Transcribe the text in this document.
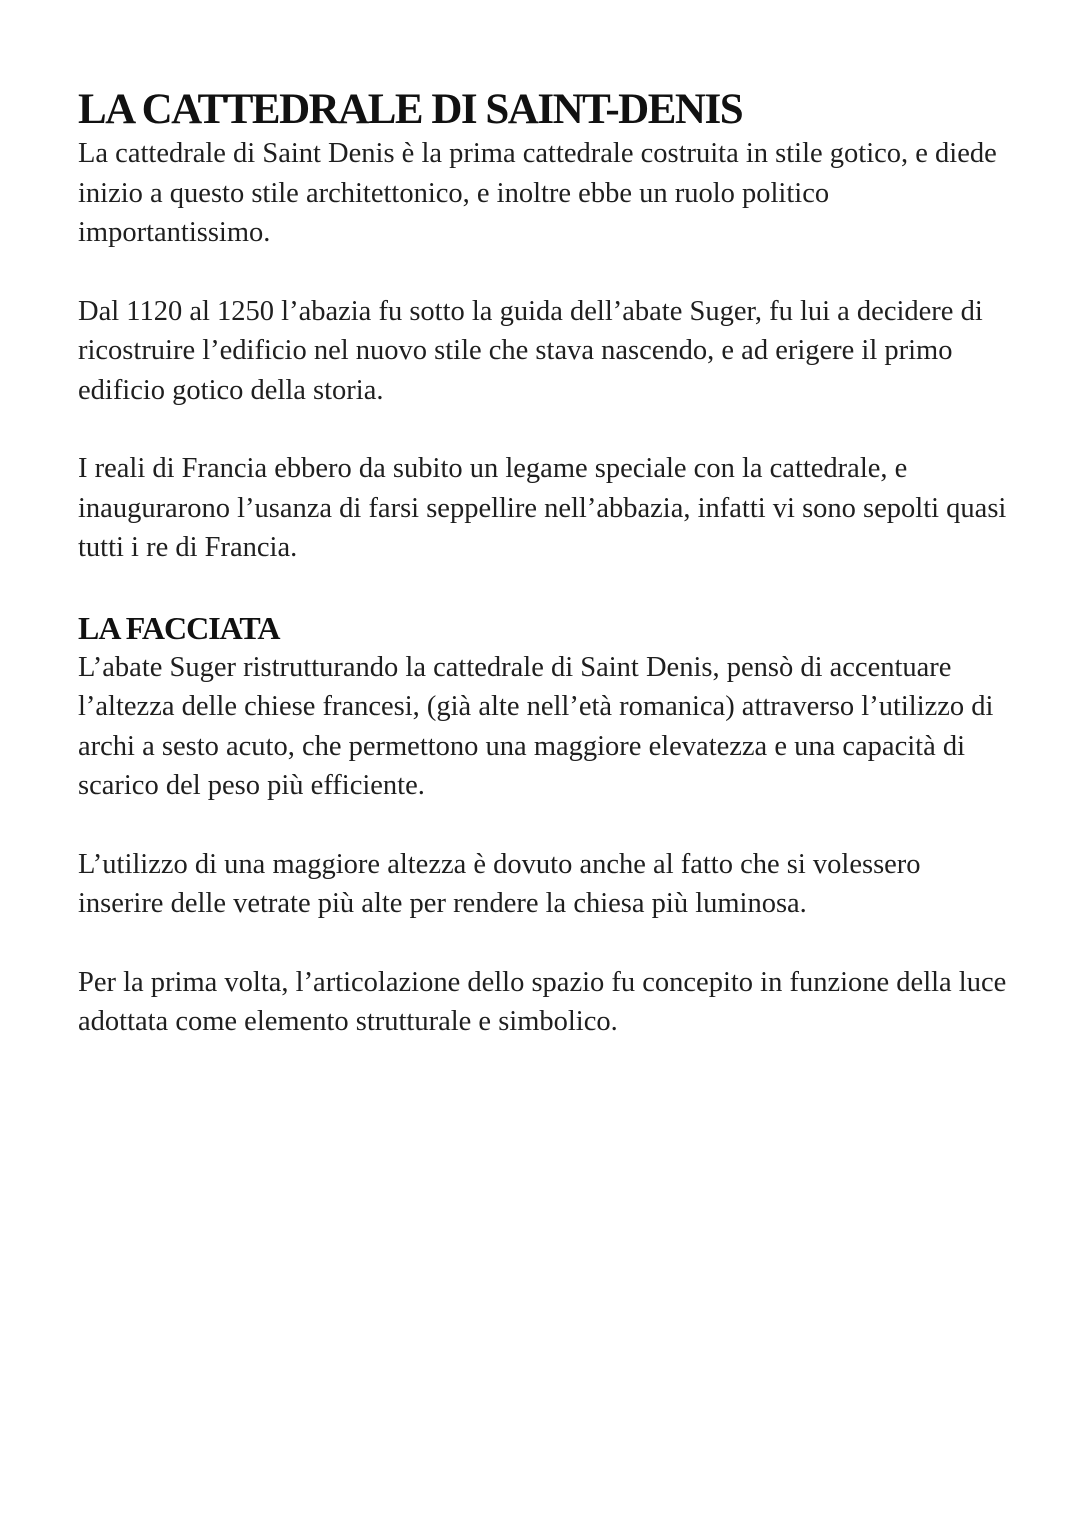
LA CATTEDRALE DI SAINT-DENIS

La cattedrale di Saint Denis è la prima cattedrale costruita in stile gotico, e diede inizio a questo stile architettonico, e inoltre ebbe un ruolo politico importantissimo.

Dal 1120 al 1250 l’abazia fu sotto la guida dell’abate Suger, fu lui a decidere di ricostruire l’edificio nel nuovo stile che stava nascendo, e ad erigere il primo edificio gotico della storia.

I reali di Francia ebbero da subito un legame speciale con la cattedrale, e inaugurarono l’usanza di farsi seppellire nell’abbazia, infatti vi sono sepolti quasi tutti i re di Francia.

LA FACCIATA

L’abate Suger ristrutturando la cattedrale di Saint Denis, pensò di accentuare l’altezza delle chiese francesi, (già alte nell’età romanica) attraverso l’utilizzo di archi a sesto acuto, che permettono una maggiore elevatezza e una capacità di scarico del peso più efficiente.

L’utilizzo di una maggiore altezza è dovuto anche al fatto che si volessero inserire delle vetrate più alte per rendere la chiesa più luminosa.

Per la prima volta, l’articolazione dello spazio fu concepito in funzione della luce adottata come elemento strutturale e simbolico.
